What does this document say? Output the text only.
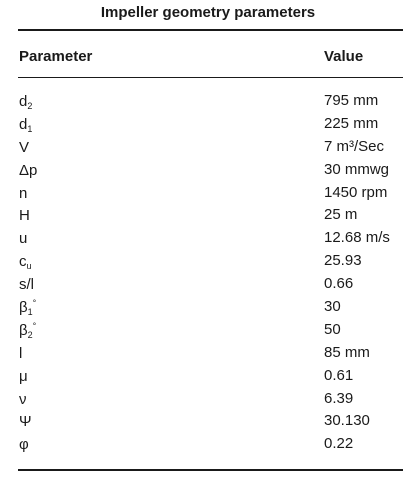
Impeller geometry parameters
Parameter	Value
$d_2$	795 mm
$d_1$	225 mm
V	7 m³/Sec
Δp	30 mmwg
n	1450 rpm
H	25 m
u	12.68 m/s
$c_u$	25.93
s/l	0.66
$\beta_1^\circ$	30
$\beta_2^\circ$	50
l	85 mm
μ	0.61
ν	6.39
Ψ	30.130
φ	0.22
